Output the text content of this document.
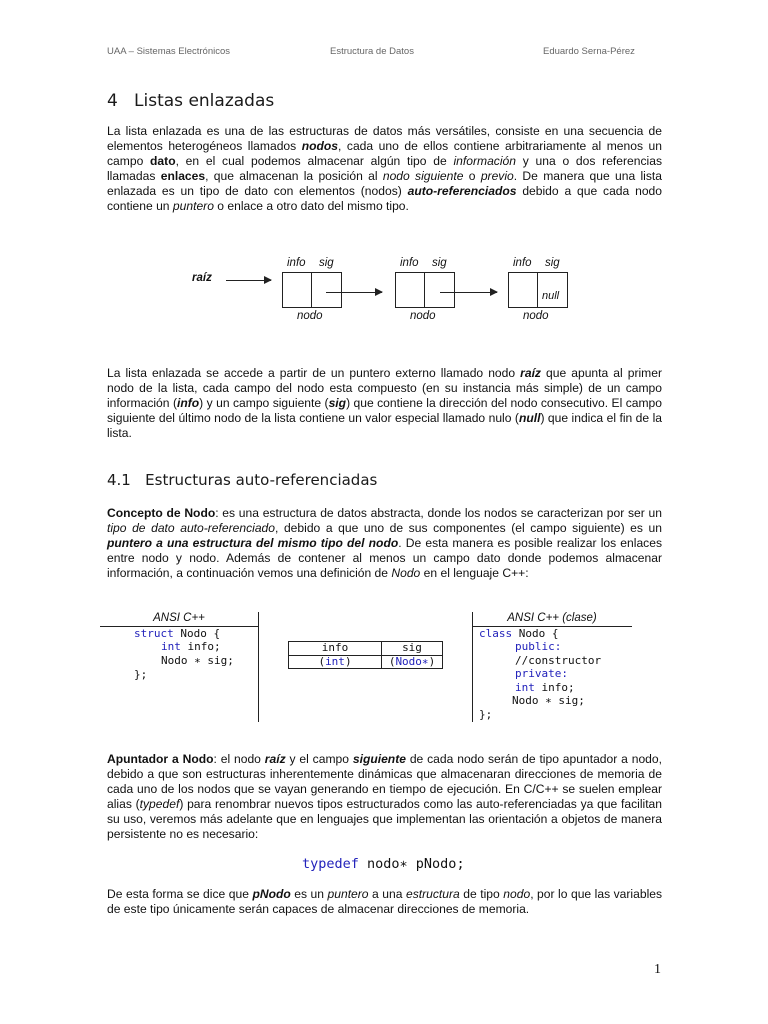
UAA – Sistemas Electrónicos	Estructura de Datos	Eduardo Serna-Pérez
4 Listas enlazadas

La lista enlazada es una de las estructuras de datos más versátiles, consiste en una secuencia de elementos heterogéneos llamados nodos, cada uno de ellos contiene arbitrariamente al menos un campo dato, en el cual podemos almacenar algún tipo de información y una o dos referencias llamadas enlaces, que almacenan la posición al nodo siguiente o previo. De manera que una lista enlazada es un tipo de dato con elementos (nodos) auto-referenciados debido a que cada nodo contiene un puntero o enlace a otro dato del mismo tipo.

raíz
info sig
nodo
info sig
nodo
info sig
null
nodo

La lista enlazada se accede a partir de un puntero externo llamado nodo raíz que apunta al primer nodo de la lista, cada campo del nodo esta compuesto (en su instancia más simple) de un campo información (info) y un campo siguiente (sig) que contiene la dirección del nodo consecutivo. El campo siguiente del último nodo de la lista contiene un valor especial llamado nulo (null) que indica el fin de la lista.

4.1 Estructuras auto-referenciadas

Concepto de Nodo: es una estructura de datos abstracta, donde los nodos se caracterizan por ser un tipo de dato auto-referenciado, debido a que uno de sus componentes (el campo siguiente) es un puntero a una estructura del mismo tipo del nodo. De esta manera es posible realizar los enlaces entre nodo y nodo. Además de contener al menos un campo dato donde podemos almacenar información, a continuación vemos una definición de Nodo en el lenguaje C++:

ANSI C++
struct Nodo {
int info;
Nodo ∗ sig;
};
info	sig
(int)	(Nodo∗)
ANSI C++ (clase)
class Nodo {
public:
//constructor
private:
int info;
Nodo ∗ sig;
};

Apuntador a Nodo: el nodo raíz y el campo siguiente de cada nodo serán de tipo apuntador a nodo, debido a que son estructuras inherentemente dinámicas que almacenaran direcciones de memoria de cada uno de los nodos que se vayan generando en tiempo de ejecución. En C/C++ se suelen emplear alias (typedef) para renombrar nuevos tipos estructurados como las auto-referenciadas ya que facilitan su uso, veremos más adelante que en lenguajes que implementan las orientación a objetos de manera persistente no es necesario:

typedef nodo∗ pNodo;

De esta forma se dice que pNodo es un puntero a una estructura de tipo nodo, por lo que las variables de este tipo únicamente serán capaces de almacenar direcciones de memoria.

1
